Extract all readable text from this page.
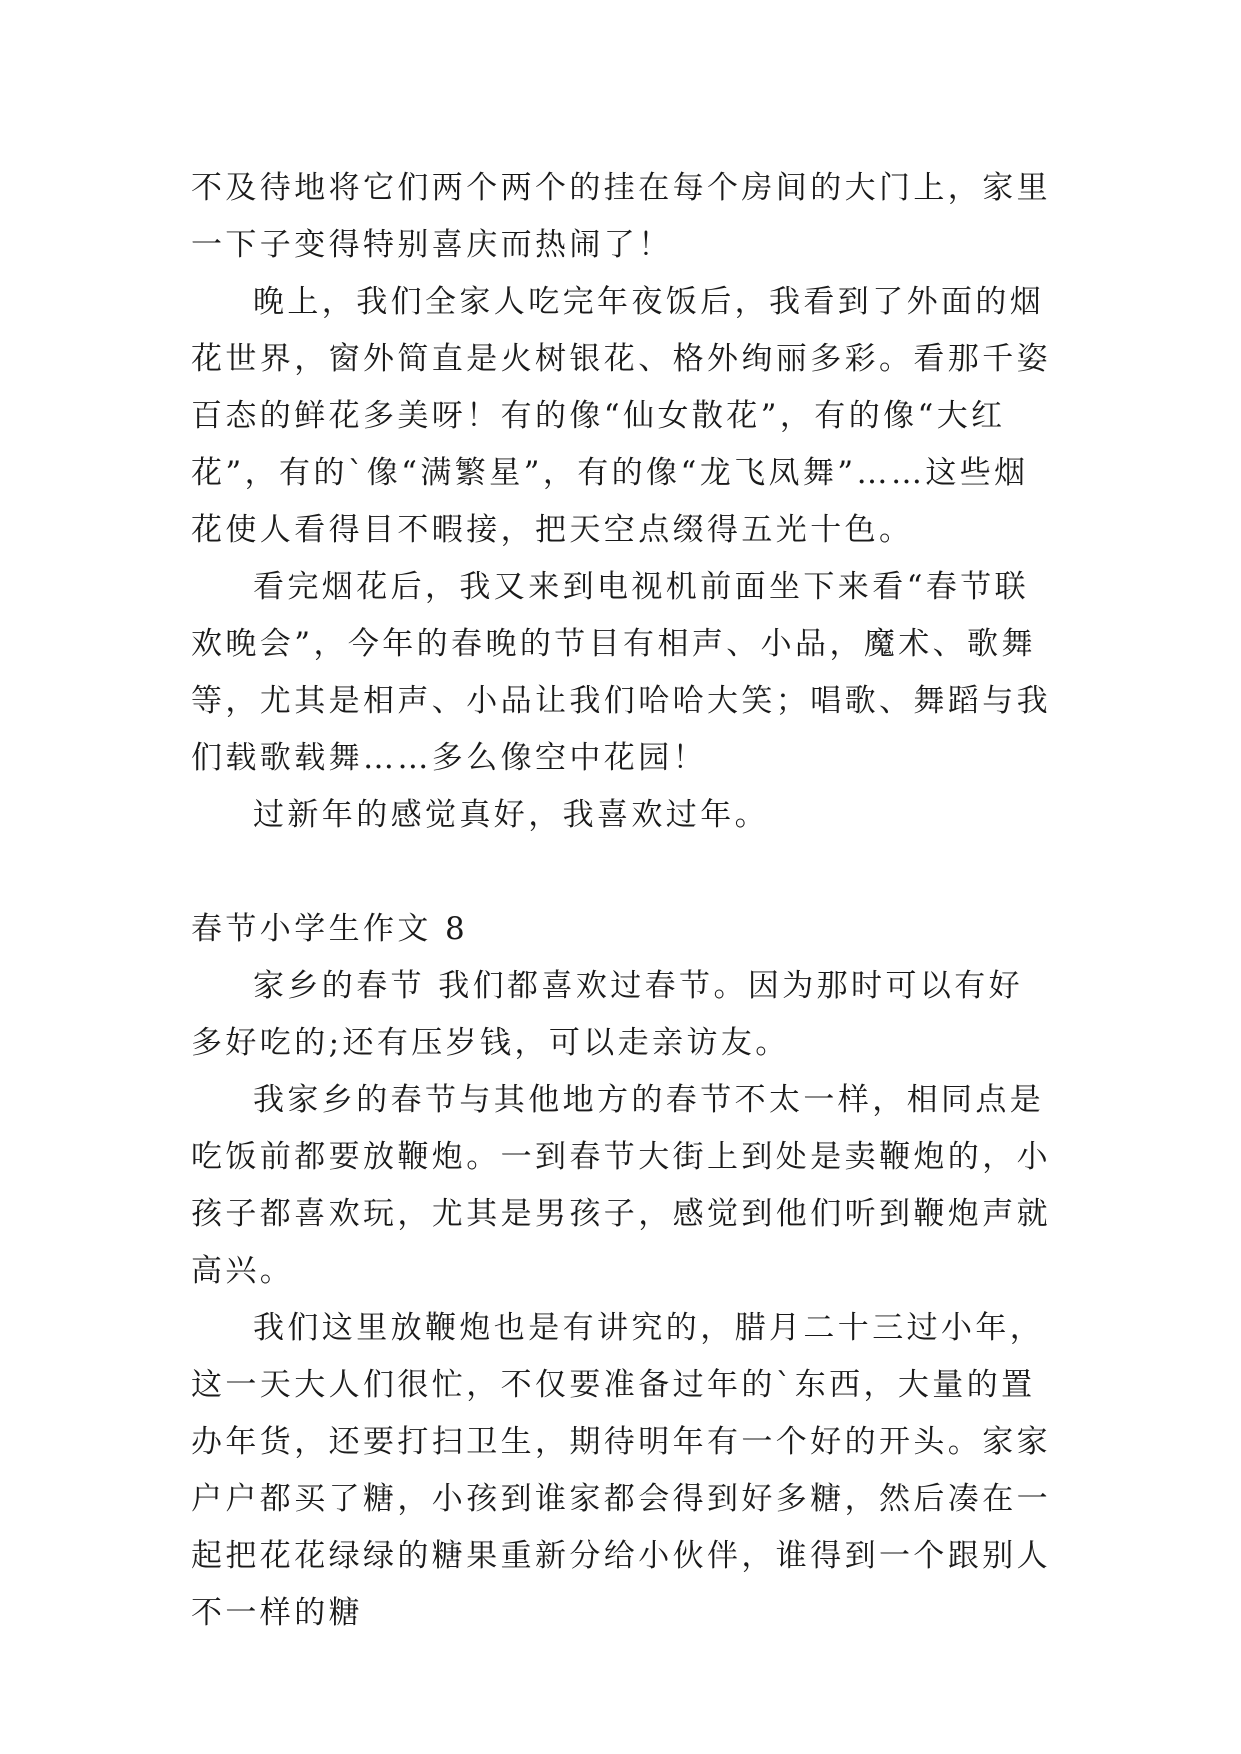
不及待地将它们两个两个的挂在每个房间的大门上，家里一下子变得特别喜庆而热闹了！

晚上，我们全家人吃完年夜饭后，我看到了外面的烟花世界，窗外简直是火树银花、格外绚丽多彩。看那千姿百态的鲜花多美呀！有的像“仙女散花”，有的像“大红花”，有的`像“满繁星”，有的像“龙飞凤舞”……这些烟花使人看得目不暇接，把天空点缀得五光十色。

看完烟花后，我又来到电视机前面坐下来看“春节联欢晚会”，今年的春晚的节目有相声、小品，魔术、歌舞等，尤其是相声、小品让我们哈哈大笑；唱歌、舞蹈与我们载歌载舞……多么像空中花园！

过新年的感觉真好，我喜欢过年。

春节小学生作文 8

家乡的春节 我们都喜欢过春节。因为那时可以有好多好吃的;还有压岁钱，可以走亲访友。

我家乡的春节与其他地方的春节不太一样，相同点是吃饭前都要放鞭炮。一到春节大街上到处是卖鞭炮的，小孩子都喜欢玩，尤其是男孩子，感觉到他们听到鞭炮声就高兴。

我们这里放鞭炮也是有讲究的，腊月二十三过小年，这一天大人们很忙，不仅要准备过年的`东西，大量的置办年货，还要打扫卫生，期待明年有一个好的开头。家家户户都买了糖，小孩到谁家都会得到好多糖，然后凑在一起把花花绿绿的糖果重新分给小伙伴，谁得到一个跟别人不一样的糖
